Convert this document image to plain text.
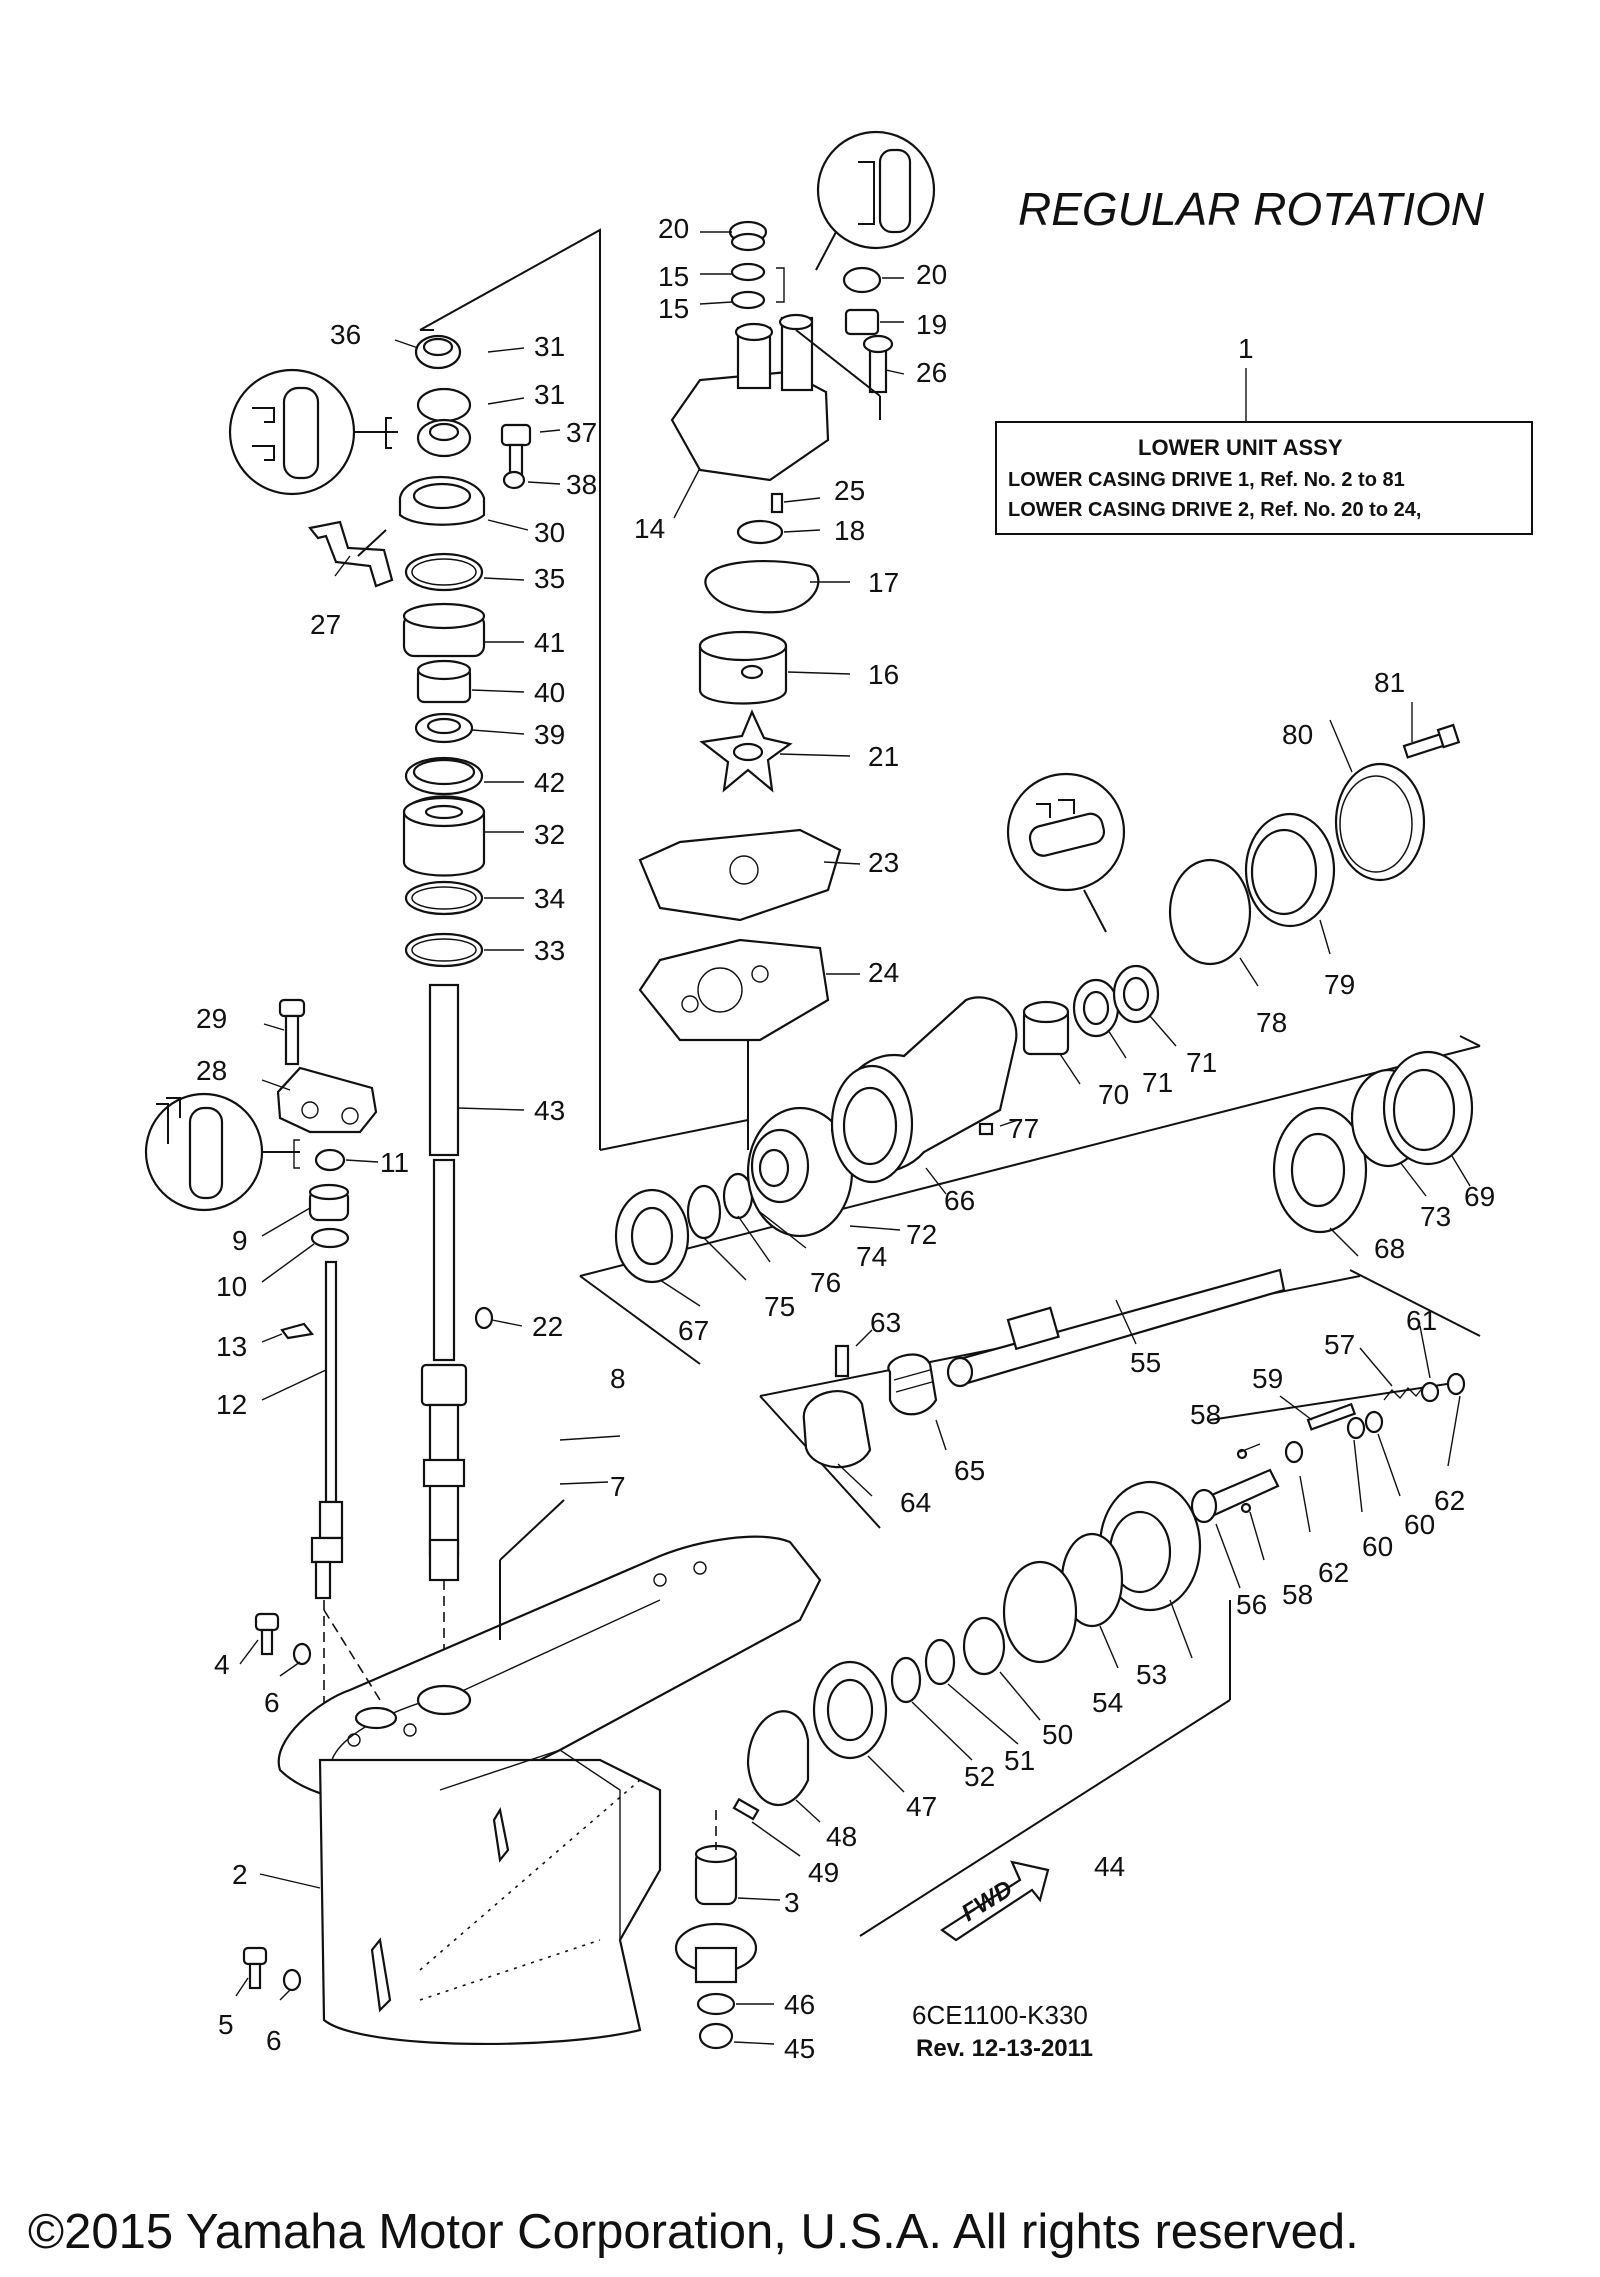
REGULAR ROTATION
1
LOWER UNIT ASSY
LOWER CASING DRIVE 1, Ref. No. 2 to 81
LOWER CASING DRIVE 2, Ref. No. 20 to 24,
FWD
2
3
4
5
6
6
7
8
9
10
11
12
13
14
15
15
16
17
18
19
20
20
21
22
23
24
25
26
27
28
29
30
31
31
32
33
34
35
36
37
38
39
40
41
42
43
44
45
46
47
48
49
50
51
52
53
54
55
56
57
58
58
59
60
60
61
62
62
63
64
65
66
67
68
69
70 71
71
72
73
74
75
76
77
78
79
80
81
6CE1100-K330
Rev. 12-13-2011
©2015 Yamaha Motor Corporation, U.S.A. All rights reserved.
